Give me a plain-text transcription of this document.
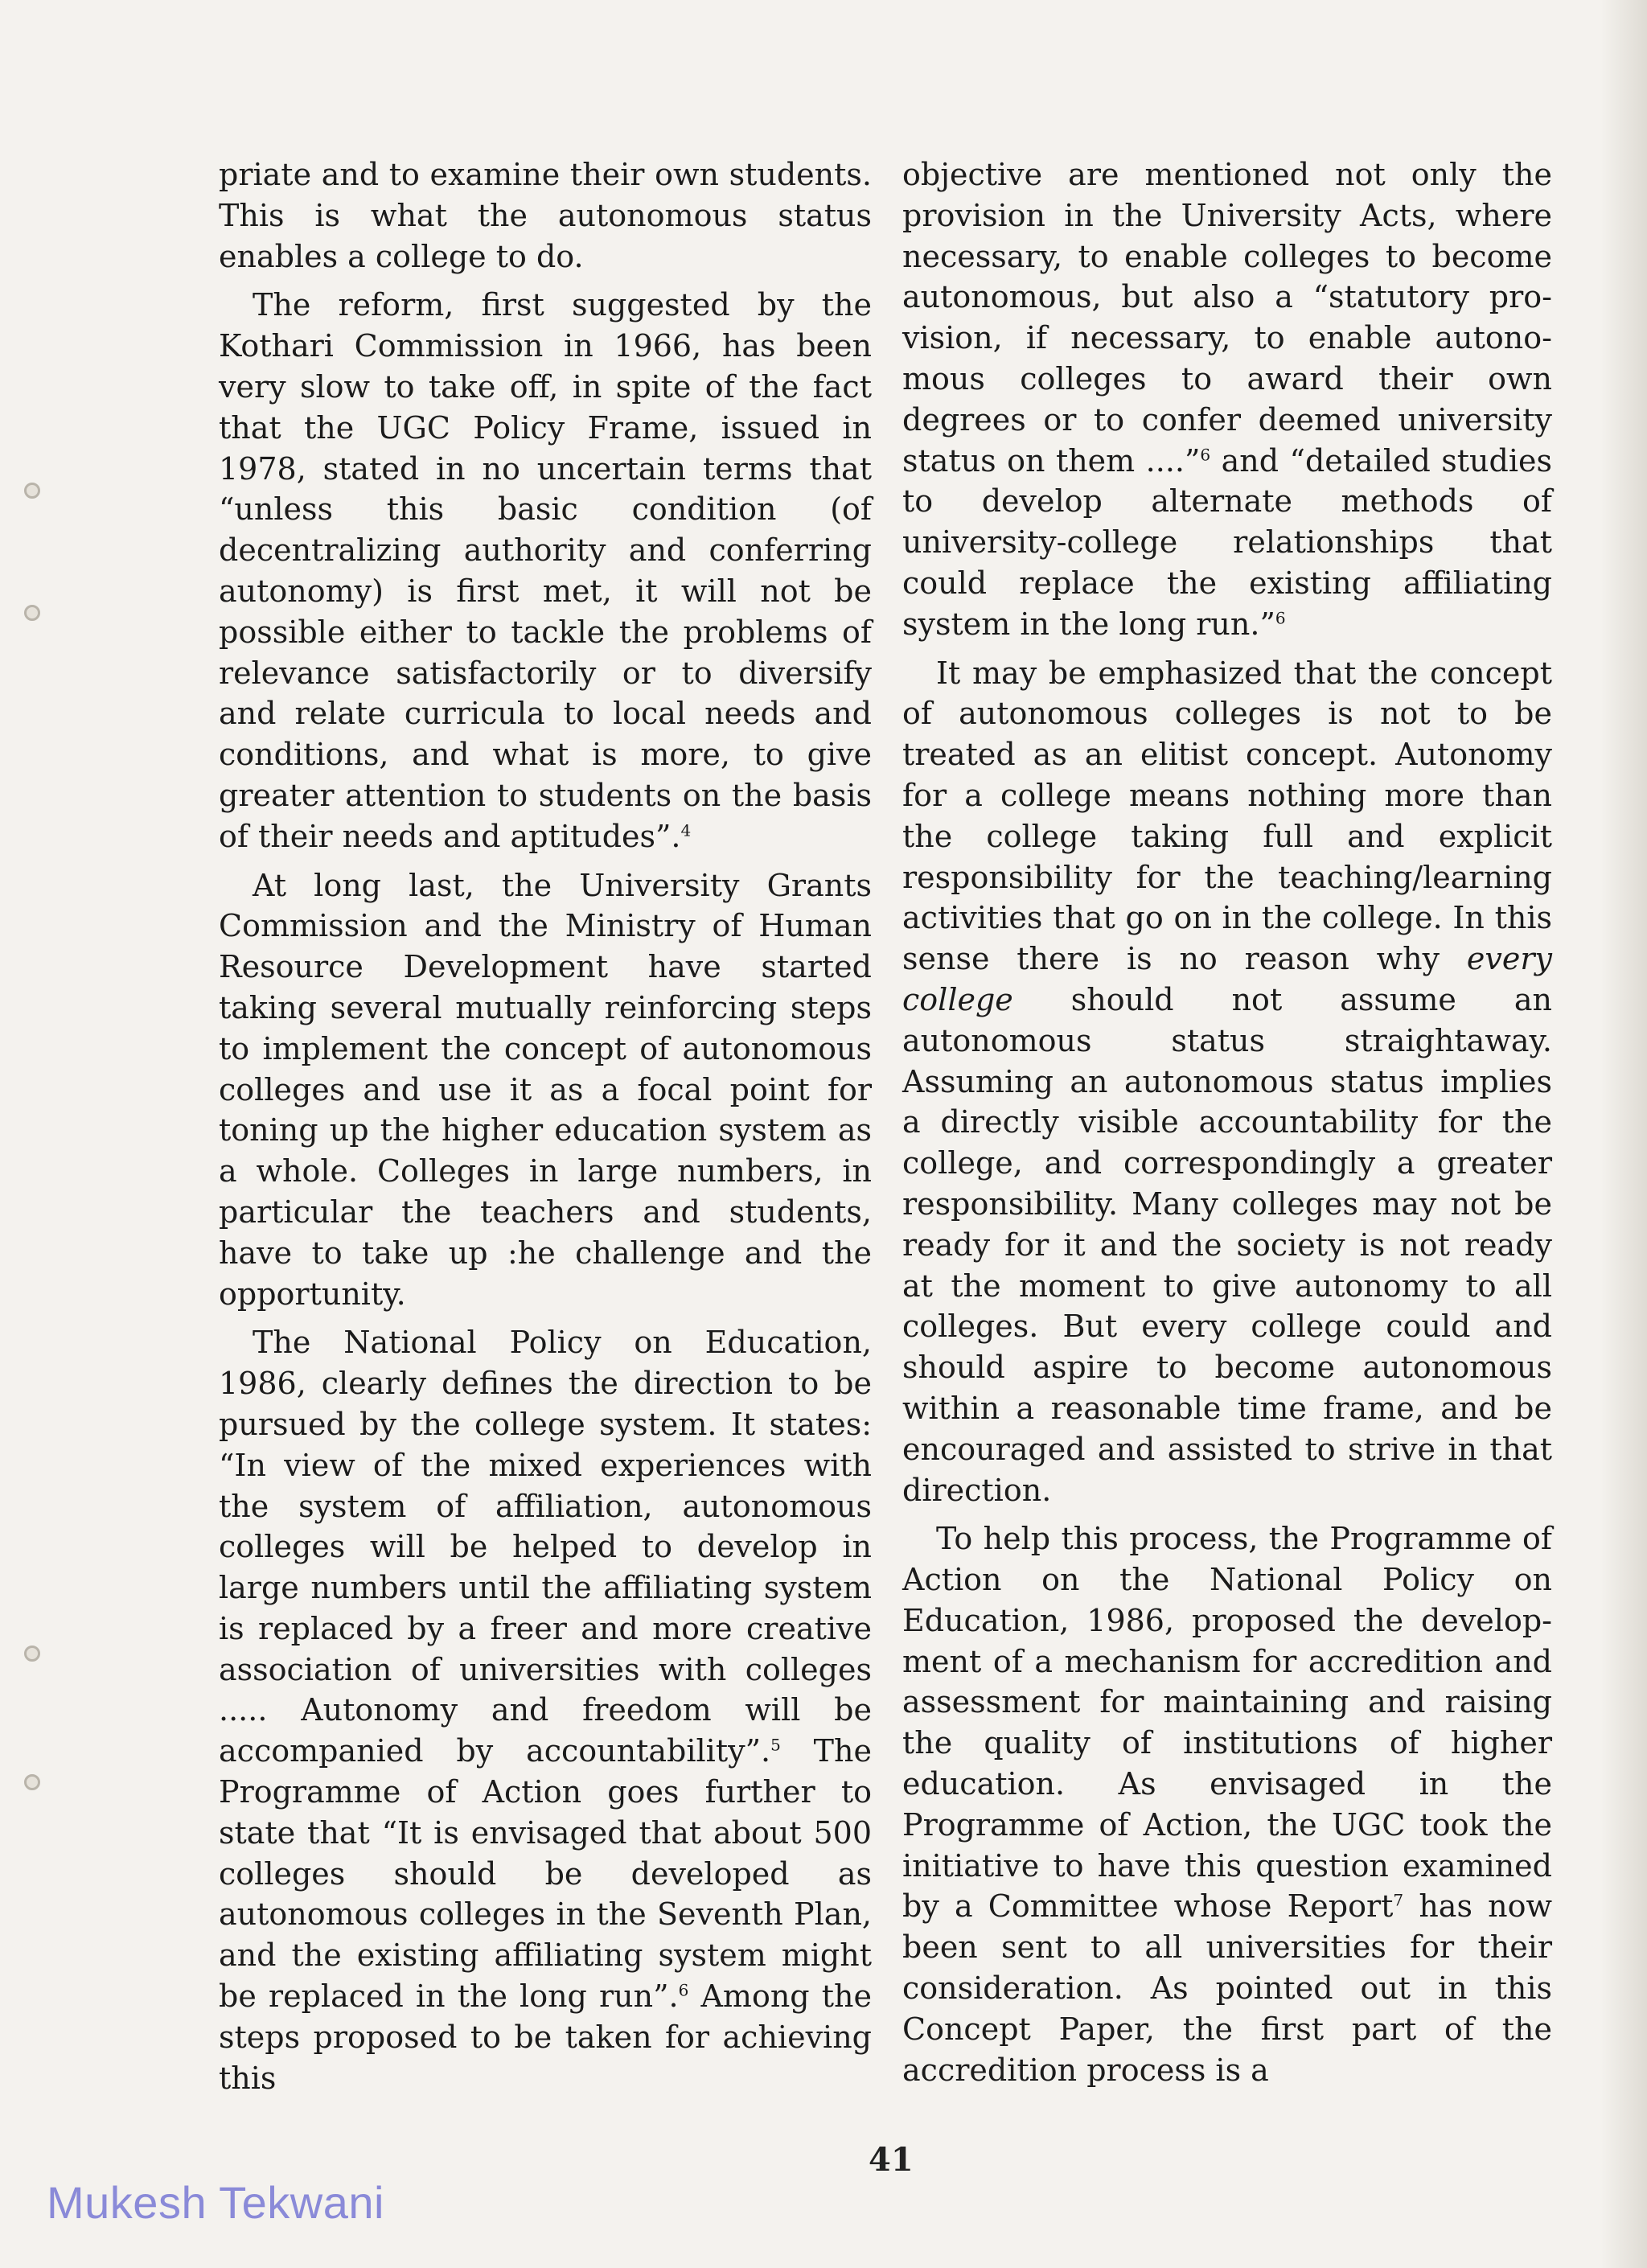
priate and to examine their own students. This is what the autonomous status enables a college to do.

The reform, first suggested by the Kothari Commission in 1966, has been very slow to take off, in spite of the fact that the UGC Policy Frame, issued in 1978, stated in no uncertain terms that “unless this basic condition (of decentralizing authority and conferring autonomy) is first met, it will not be possible either to tackle the problems of relevance satisfactorily or to diversify and relate curricula to local needs and conditions, and what is more, to give greater attention to students on the basis of their needs and aptitudes”.$^4$

At long last, the University Grants Commission and the Ministry of Human Resource Development have started taking several mutually reinforcing steps to implement the concept of autonomous colleges and use it as a focal point for toning up the higher education system as a whole. Colleges in large numbers, in particular the teachers and students, have to take up :he challenge and the opportunity.

The National Policy on Education, 1986, clearly defines the direction to be pursued by the college system. It states: “In view of the mixed experiences with the system of affiliation, autonomous colleges will be helped to develop in large numbers until the affiliating system is replaced by a freer and more creative association of universities with colleges ..... Autonomy and freedom will be accompanied by accountability”.$^5$ The Programme of Action goes further to state that “It is envisaged that about 500 colleges should be developed as autonomous colleges in the Seventh Plan, and the existing affiliating system might be replaced in the long run”.$^6$ Among the steps proposed to be taken for achieving this

objective are mentioned not only the provision in the University Acts, where necessary, to enable colleges to become autonomous, but also a “statutory provision, if necessary, to enable autonomous colleges to award their own degrees or to confer deemed university status on them ....”$^6$ and “detailed studies to develop alternate methods of university-college relationships that could replace the existing affiliating system in the long run.”$^6$

It may be emphasized that the concept of autonomous colleges is not to be treated as an elitist concept. Autonomy for a college means nothing more than the college taking full and explicit responsibility for the teaching/learning activities that go on in the college. In this sense there is no reason why every college should not assume an autonomous status straightaway. Assuming an autonomous status implies a directly visible accountability for the college, and correspondingly a greater responsibility. Many colleges may not be ready for it and the society is not ready at the moment to give autonomy to all colleges. But every college could and should aspire to become autonomous within a reasonable time frame, and be encouraged and assisted to strive in that direction.

To help this process, the Programme of Action on the National Policy on Education, 1986, proposed the development of a mechanism for accredition and assessment for maintaining and raising the quality of institutions of higher education. As envisaged in the Programme of Action, the UGC took the initiative to have this question examined by a Committee whose Report$^7$ has now been sent to all universities for their consideration. As pointed out in this Concept Paper, the first part of the accredition process is a

41
Mukesh Tekwani
